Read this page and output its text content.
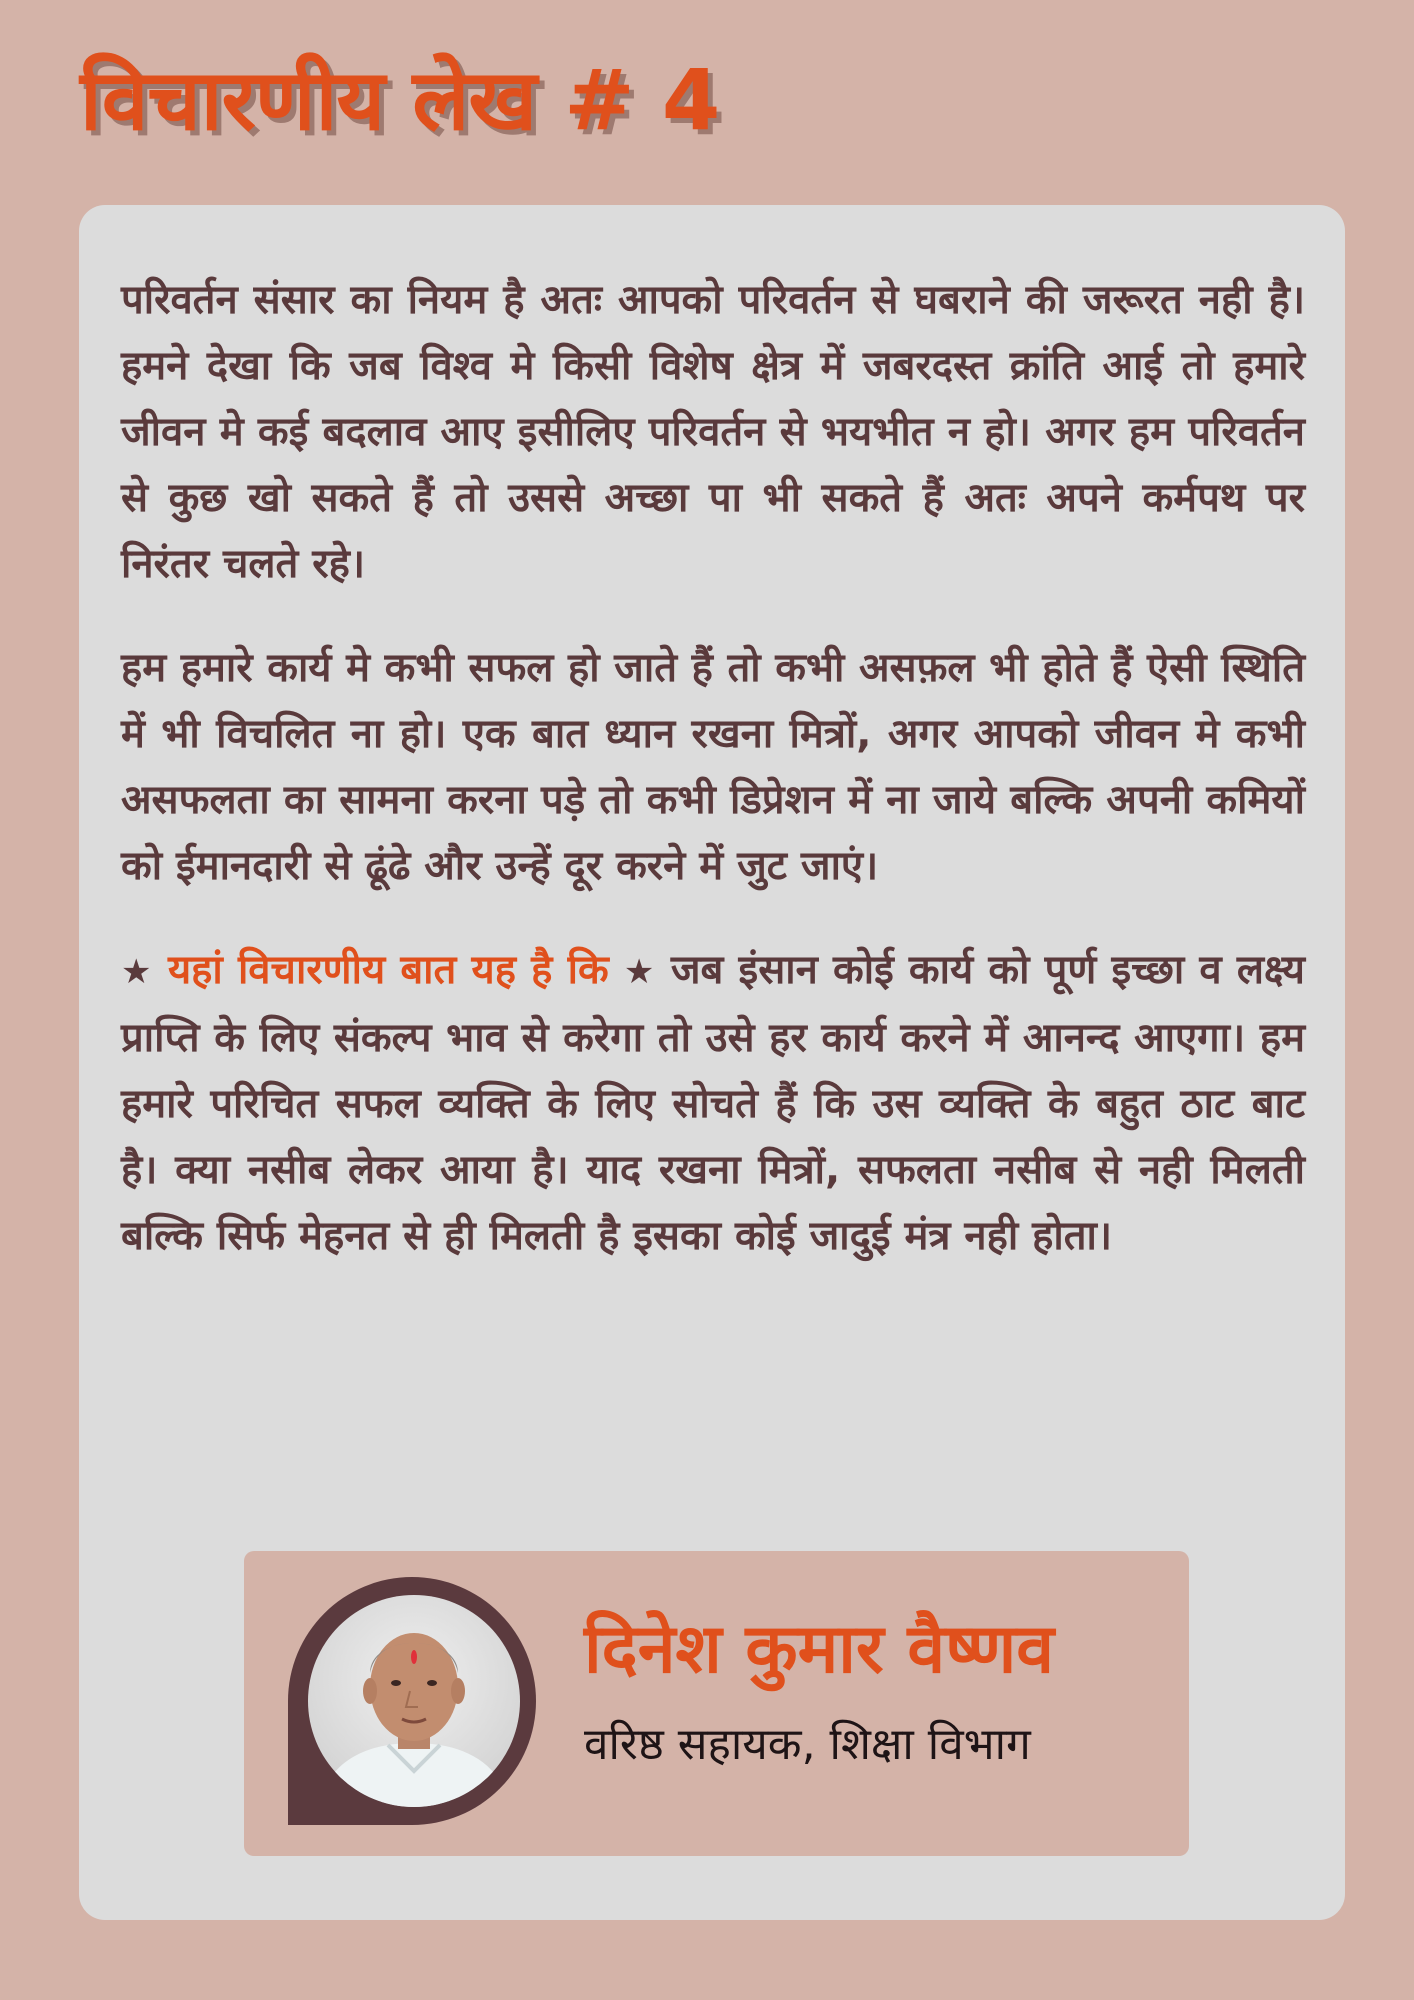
विचारणीय लेख # 4

परिवर्तन संसार का नियम है अतः आपको परिवर्तन से घबराने की जरूरत नही है। हमने देखा कि जब विश्व मे किसी विशेष क्षेत्र में जबरदस्त क्रांति आई तो हमारे जीवन मे कई बदलाव आए इसीलिए परिवर्तन से भयभीत न हो। अगर हम परिवर्तन से कुछ खो सकते हैं तो उससे अच्छा पा भी सकते हैं अतः अपने कर्मपथ पर निरंतर चलते रहे।

हम हमारे कार्य मे कभी सफल हो जाते हैं तो कभी असफ़ल भी होते हैं ऐसी स्थिति में भी विचलित ना हो। एक बात ध्यान रखना मित्रों, अगर आपको जीवन मे कभी असफलता का सामना करना पड़े तो कभी डिप्रेशन में ना जाये बल्कि अपनी कमियों को ईमानदारी से ढूंढे और उन्हें दूर करने में जुट जाएं।

★ यहां विचारणीय बात यह है कि ★ जब इंसान कोई कार्य को पूर्ण इच्छा व लक्ष्य प्राप्ति के लिए संकल्प भाव से करेगा तो उसे हर कार्य करने में आनन्द आएगा। हम हमारे परिचित सफल व्यक्ति के लिए सोचते हैं कि उस व्यक्ति के बहुत ठाट बाट है। क्या नसीब लेकर आया है। याद रखना मित्रों, सफलता नसीब से नही मिलती बल्कि सिर्फ मेहनत से ही मिलती है इसका कोई जादुई मंत्र नही होता।

दिनेश कुमार वैष्णव

वरिष्ठ सहायक, शिक्षा विभाग
